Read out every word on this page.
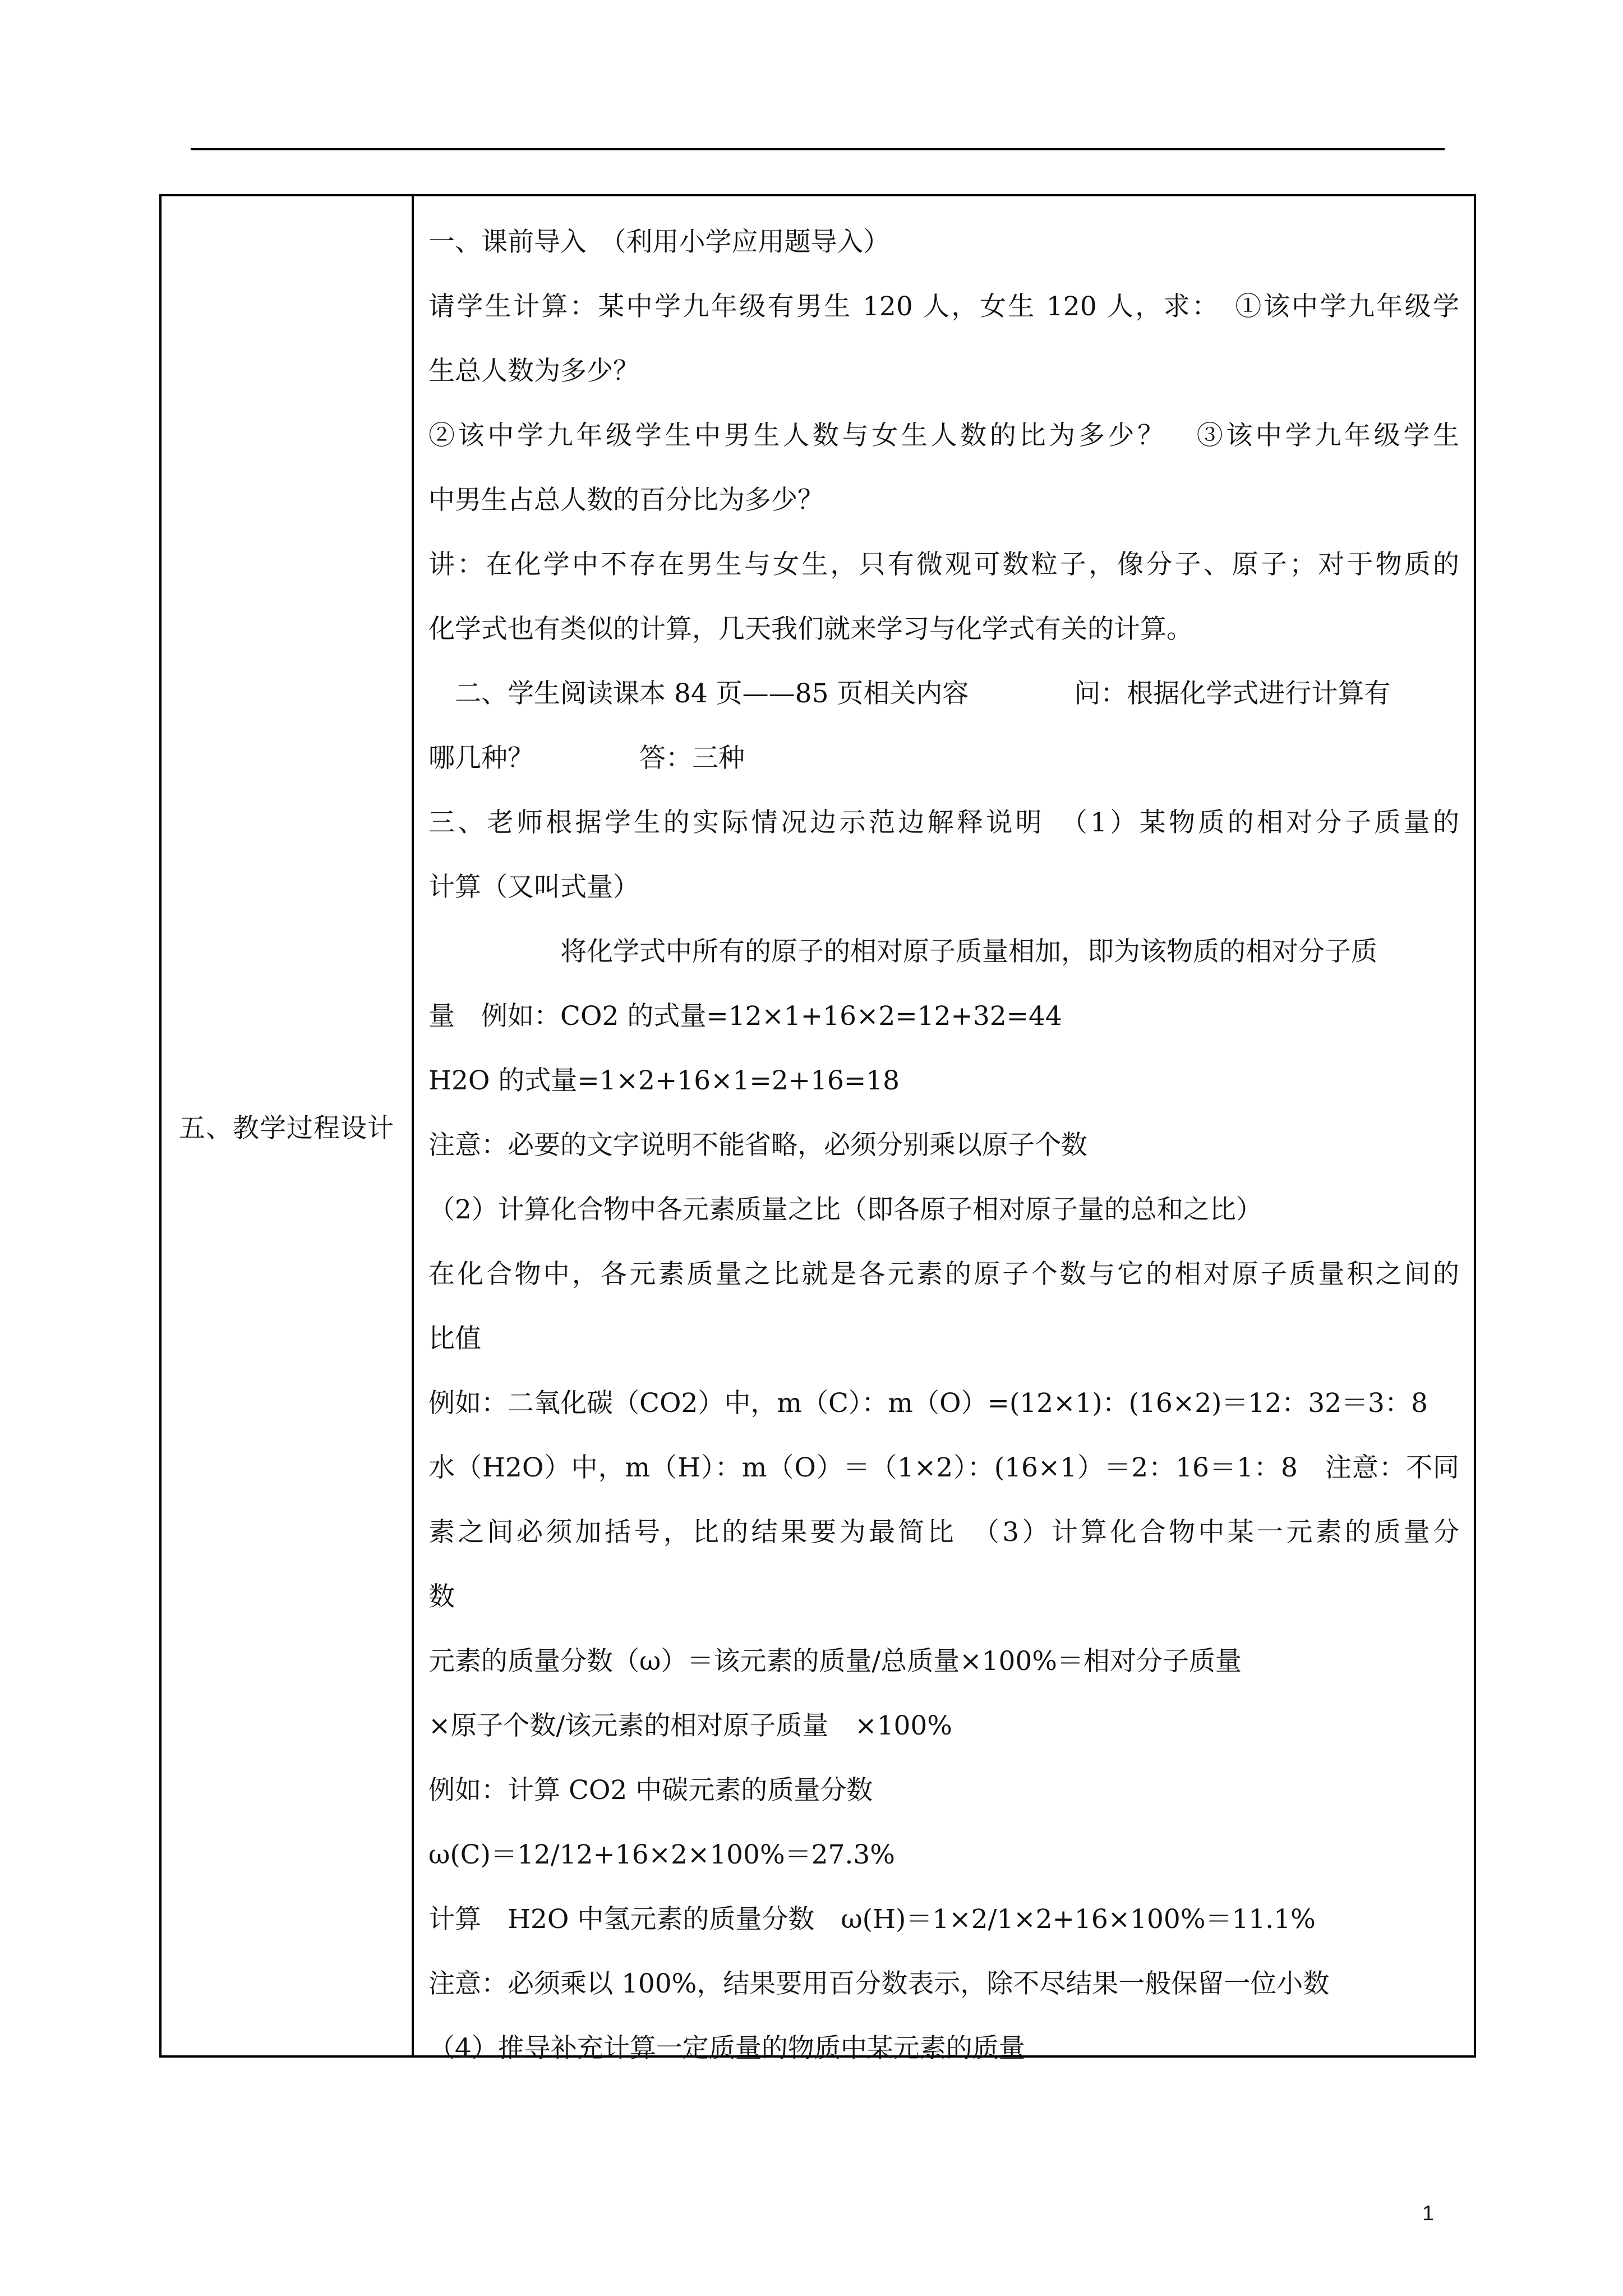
五、教学过程设计
一、课前导入　（利用小学应用题导入）
请学生计算：某中学九年级有男生 120 人，女生 120 人，求：　①该中学九年级学
生总人数为多少？
②该中学九年级学生中男生人数与女生人数的比为多少？　③该中学九年级学生
中男生占总人数的百分比为多少？
讲：在化学中不存在男生与女生，只有微观可数粒子，像分子、原子；对于物质的
化学式也有类似的计算，几天我们就来学习与化学式有关的计算。
　二、学生阅读课本 84 页——85 页相关内容　　　　问：根据化学式进行计算有
哪几种？　　　　答：三种
三、老师根据学生的实际情况边示范边解释说明　（1）某物质的相对分子质量的
计算（又叫式量）
　　　　　将化学式中所有的原子的相对原子质量相加，即为该物质的相对分子质
量　例如：CO2 的式量=12×1+16×2=12+32=44
H2O 的式量=1×2+16×1=2+16=18
注意：必要的文字说明不能省略，必须分别乘以原子个数
（2）计算化合物中各元素质量之比（即各原子相对原子量的总和之比）
在化合物中，各元素质量之比就是各元素的原子个数与它的相对原子质量积之间的
比值
例如：二氧化碳（CO2）中，m（C）：m（O）=(12×1)：(16×2)＝12：32＝3：8
水（H2O）中，m（H）：m（O）＝（1×2）：(16×1）＝2：16＝1：8　注意：不同
素之间必须加括号，比的结果要为最简比　（3）计算化合物中某一元素的质量分
数
元素的质量分数（ω）＝该元素的质量/总质量×100%＝相对分子质量
×原子个数/该元素的相对原子质量　×100%
例如：计算 CO2 中碳元素的质量分数
ω(C)＝12/12+16×2×100%＝27.3%
计算　H2O 中氢元素的质量分数　ω(H)＝1×2/1×2+16×100%＝11.1%
注意：必须乘以 100%，结果要用百分数表示，除不尽结果一般保留一位小数
（4）推导补充计算一定质量的物质中某元素的质量
1
